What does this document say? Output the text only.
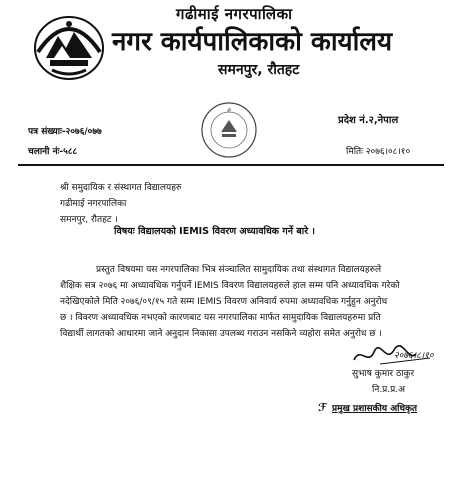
गढीमाई नगरपालिका
नगर कार्यपालिकाको कार्यालय
समनपुर, रौतहट
पत्र संख्याः-२०७६/०७७
चलानी नंः-५८८
प्रदेश नं.२,नेपाल
मितिः २०७६।०८।१०
ॐ
श्री समुदायिक र संस्थागत विद्यालयहरु
गढीमाई नगरपालिका
समनपुर, रौतहट ।
विषयः विद्यालयको IEMIS विवरण अध्यावधिक गर्ने बारे ।
प्रस्तुत विषयमा यस नगरपालिका भित्र संञ्चालित सामुदायिक तथा संस्थागत विद्यालयहरुले
शैक्षिक सत्र २०७६ मा अध्यावधिक गर्नुपर्ने IEMIS विवरण विद्यालयहरुले हाल सम्म पनि अध्यावधिक गरेको
नदेखिएकोले मिति २०७६/०९/१५ गते सम्म IEMIS विवरण अनिवार्य रुपमा अध्यावधिक गर्नुहुन अनुरोध
छ । विवरण अध्यावधिक नभएको कारणबाट यस नगरपालिका मार्फत सामुदायिक विद्यालयहरुमा प्रति
विद्यार्थी लागतको आधारमा जाने अनुदान निकासा उपलब्ध गराउन नसकिने व्यहोरा समेत अनुरोध छ ।
२०७६।८।१०
सुभाष कुमार ठाकुर
नि.प्र.प्र.अ
ℱ प्रमुख प्रशासकीय अधिकृत
